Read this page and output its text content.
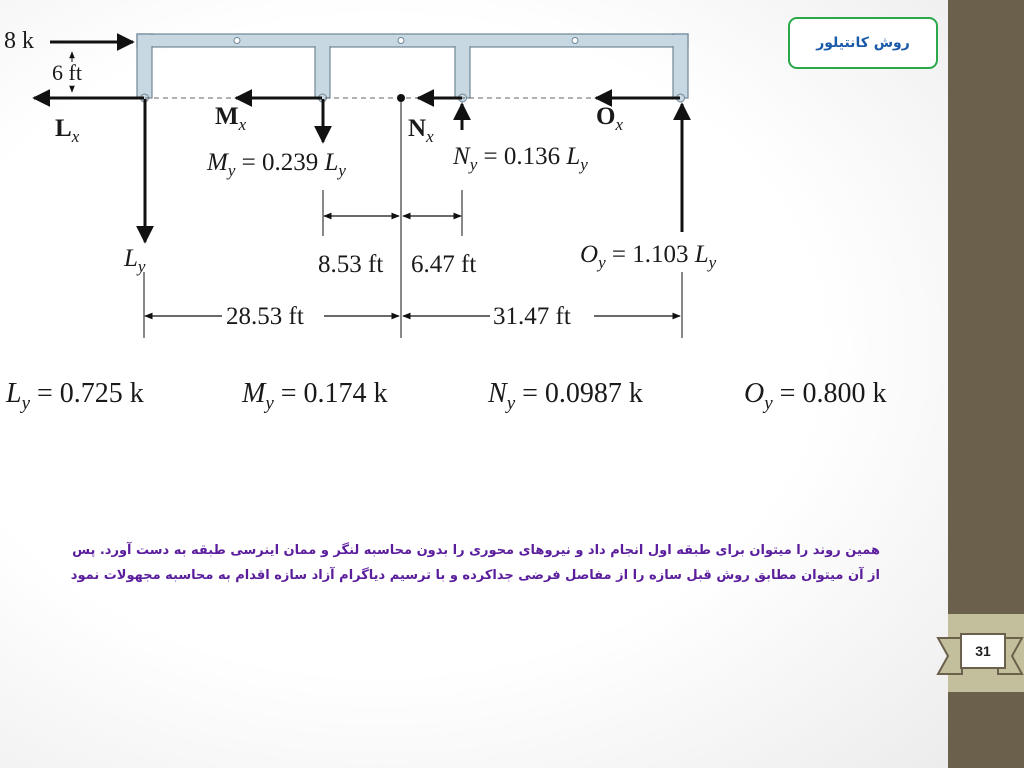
روش کانتیلور
8 k
6 ft
$L_x$
$M_x$	$N_x$
$O_x$
$L_y$
$M_y = 0.239$ $L_y$
$N_y = 0.136$ $L_y$
$O_y = 1.103$ $L_y$
8.53 ft 6.47 ft
28.53 ft	31.47 ft
$L_y = 0.725$ k	$M_y = 0.174$ k	$N_y = 0.0987$ k	$O_y = 0.800$ k

همین روند را میتوان برای طبقه اول انجام داد و نیروهای محوری را بدون محاسبه لنگر و ممان اینرسی طبقه به دست آورد. پس

از آن میتوان مطابق روش قبل سازه را از مفاصل فرضی جداکرده و با ترسیم دیاگرام آزاد سازه اقدام به محاسبه مجهولات نمود

31
